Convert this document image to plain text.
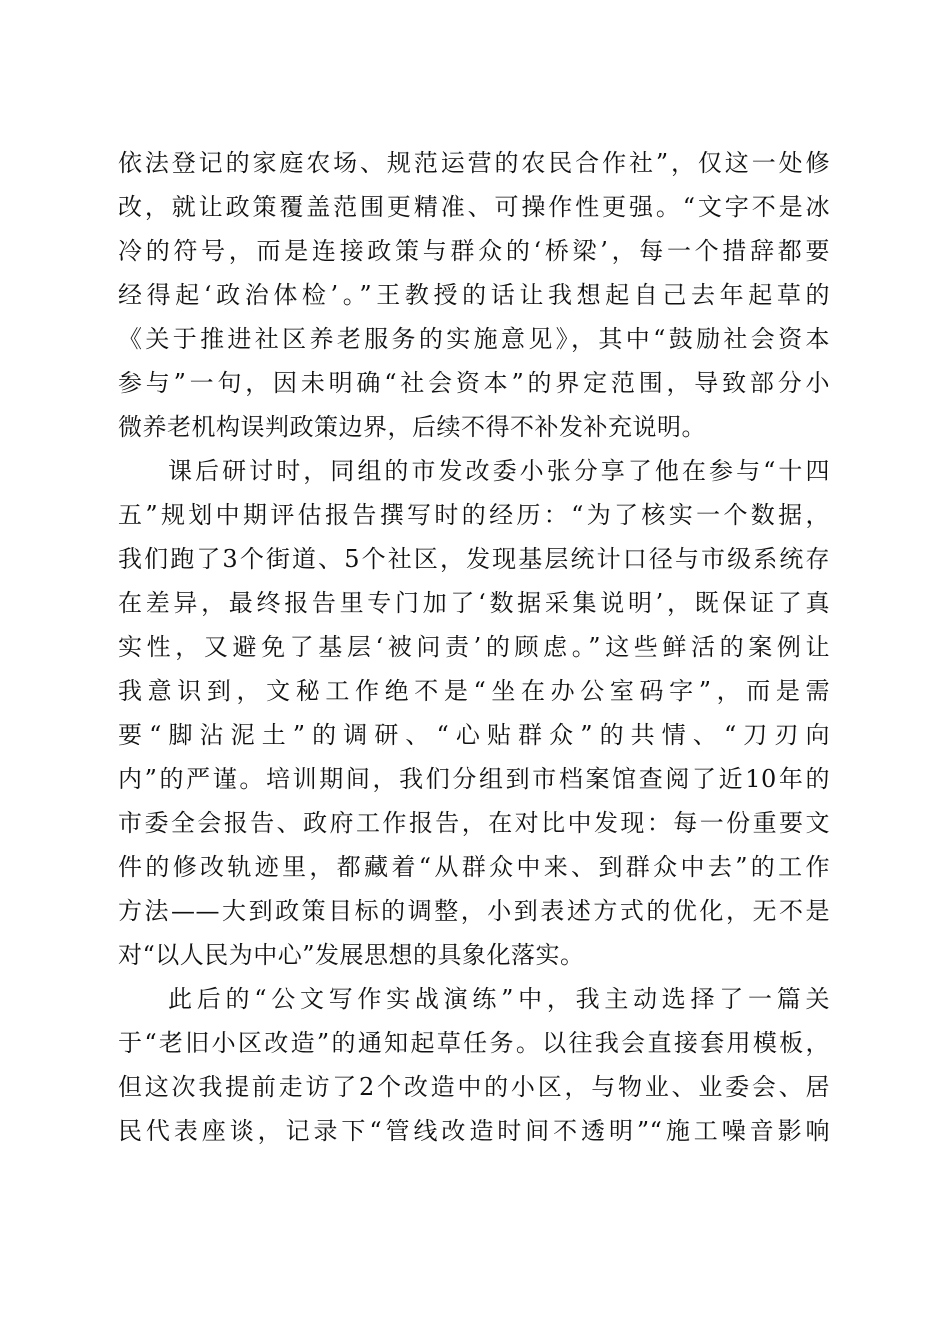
依法登记的家庭农场、规范运营的农民合作社”，仅这一处修
改，就让政策覆盖范围更精准、可操作性更强。“文字不是冰
冷的符号，而是连接政策与群众的‘桥梁’，每一个措辞都要
经得起‘政治体检’。”王教授的话让我想起自己去年起草的
《关于推进社区养老服务的实施意见》，其中“鼓励社会资本
参与”一句，因未明确“社会资本”的界定范围，导致部分小
微养老机构误判政策边界，后续不得不补发补充说明。
课后研讨时，同组的市发改委小张分享了他在参与“十四
五”规划中期评估报告撰写时的经历：“为了核实一个数据，
我们跑了3个街道、5个社区，发现基层统计口径与市级系统存
在差异，最终报告里专门加了‘数据采集说明’，既保证了真
实性，又避免了基层‘被问责’的顾虑。”这些鲜活的案例让
我意识到，文秘工作绝不是“坐在办公室码字”，而是需
要“脚沾泥土”的调研、“心贴群众”的共情、“刀刃向
内”的严谨。培训期间，我们分组到市档案馆查阅了近10年的
市委全会报告、政府工作报告，在对比中发现：每一份重要文
件的修改轨迹里，都藏着“从群众中来、到群众中去”的工作
方法——大到政策目标的调整，小到表述方式的优化，无不是
对“以人民为中心”发展思想的具象化落实。
此后的“公文写作实战演练”中，我主动选择了一篇关
于“老旧小区改造”的通知起草任务。以往我会直接套用模板，
但这次我提前走访了2个改造中的小区，与物业、业委会、居
民代表座谈，记录下“管线改造时间不透明”“施工噪音影响
